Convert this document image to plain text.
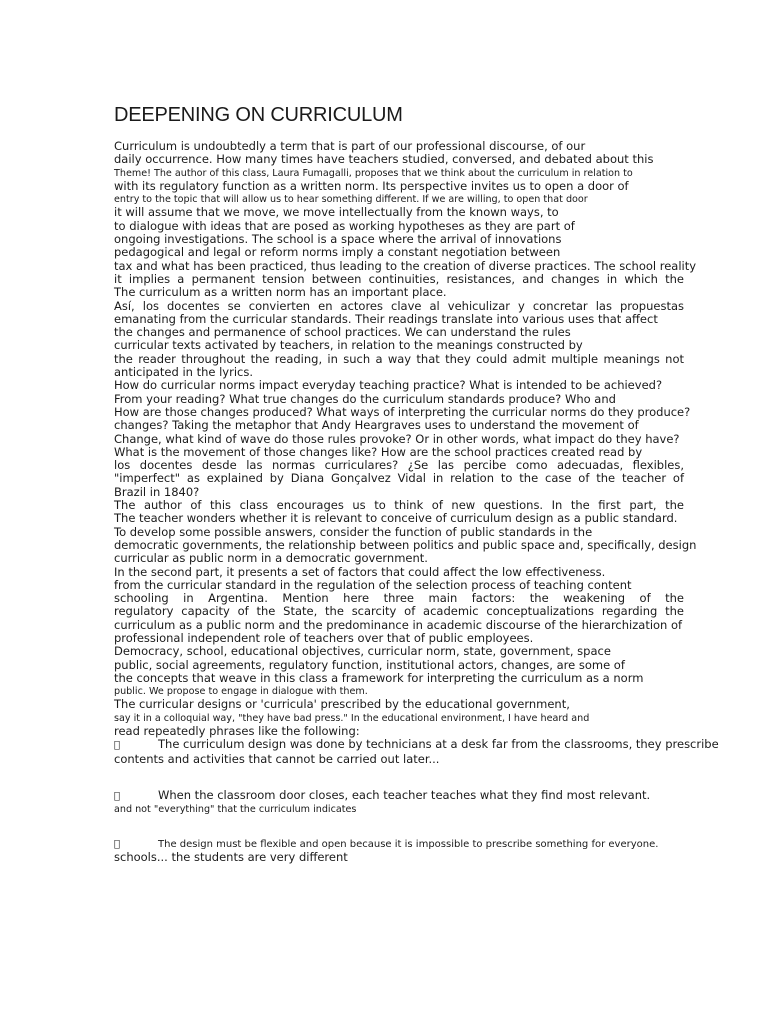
DEEPENING ON CURRICULUM
Curriculum is undoubtedly a term that is part of our professional discourse, of our
daily occurrence. How many times have teachers studied, conversed, and debated about this
Theme! The author of this class, Laura Fumagalli, proposes that we think about the curriculum in relation to
with its regulatory function as a written norm. Its perspective invites us to open a door of
entry to the topic that will allow us to hear something different. If we are willing, to open that door
it will assume that we move, we move intellectually from the known ways, to
to dialogue with ideas that are posed as working hypotheses as they are part of
ongoing investigations. The school is a space where the arrival of innovations
pedagogical and legal or reform norms imply a constant negotiation between
tax and what has been practiced, thus leading to the creation of diverse practices. The school reality
it implies a permanent tension between continuities, resistances, and changes in which the
The curriculum as a written norm has an important place.
Así, los docentes se convierten en actores clave al vehiculizar y concretar las propuestas
emanating from the curricular standards. Their readings translate into various uses that affect
the changes and permanence of school practices. We can understand the rules
curricular texts activated by teachers, in relation to the meanings constructed by
the reader throughout the reading, in such a way that they could admit multiple meanings not
anticipated in the lyrics.
How do curricular norms impact everyday teaching practice? What is intended to be achieved?
From your reading? What true changes do the curriculum standards produce? Who and
How are those changes produced? What ways of interpreting the curricular norms do they produce?
changes? Taking the metaphor that Andy Heargraves uses to understand the movement of
Change, what kind of wave do those rules provoke? Or in other words, what impact do they have?
What is the movement of those changes like? How are the school practices created read by
los docentes desde las normas curriculares? ¿Se las percibe como adecuadas, flexibles,
"imperfect" as explained by Diana Gonçalvez Vidal in relation to the case of the teacher of
Brazil in 1840?
The author of this class encourages us to think of new questions. In the first part, the
The teacher wonders whether it is relevant to conceive of curriculum design as a public standard.
To develop some possible answers, consider the function of public standards in the
democratic governments, the relationship between politics and public space and, specifically, design
curricular as public norm in a democratic government.
In the second part, it presents a set of factors that could affect the low effectiveness.
from the curricular standard in the regulation of the selection process of teaching content
schooling in Argentina. Mention here three main factors: the weakening of the
regulatory capacity of the State, the scarcity of academic conceptualizations regarding the
curriculum as a public norm and the predominance in academic discourse of the hierarchization of
professional independent role of teachers over that of public employees.
Democracy, school, educational objectives, curricular norm, state, government, space
public, social agreements, regulatory function, institutional actors, changes, are some of
the concepts that weave in this class a framework for interpreting the curriculum as a norm
public. We propose to engage in dialogue with them.
The curricular designs or 'curricula' prescribed by the educational government,
say it in a colloquial way, "they have bad press." In the educational environment, I have heard and
read repeatedly phrases like the following:
The curriculum design was done by technicians at a desk far from the classrooms, they prescribe
contents and activities that cannot be carried out later...
When the classroom door closes, each teacher teaches what they find most relevant.
and not "everything" that the curriculum indicates
The design must be flexible and open because it is impossible to prescribe something for everyone.
schools... the students are very different
